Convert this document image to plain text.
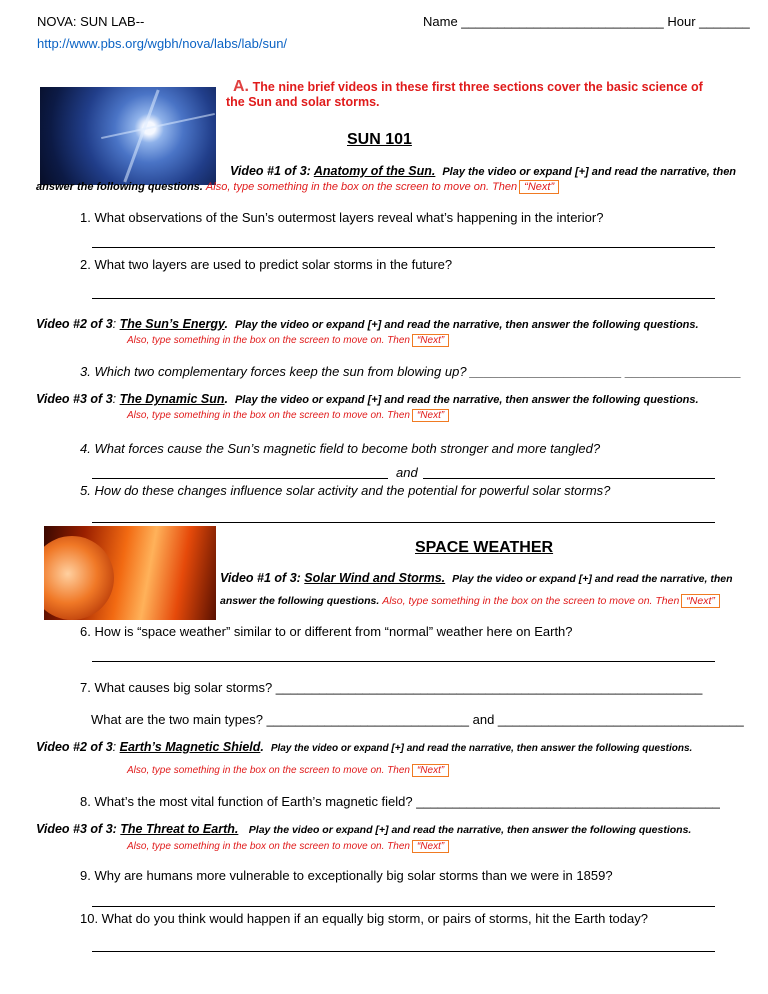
NOVA: SUN LAB--
http://www.pbs.org/wgbh/nova/labs/lab/sun/
Name ____________________________ Hour _______
A. The nine brief videos in these first three sections cover the basic science of
the Sun and solar storms.
SUN 101
Video #1 of 3: Anatomy of the Sun. Play the video or expand [+] and read the narrative, then
answer the following questions. Also, type something in the box on the screen to move on. Then “Next”
1. What observations of the Sun’s outermost layers reveal what’s happening in the interior?
2. What two layers are used to predict solar storms in the future?
Video #2 of 3: The Sun’s Energy. Play the video or expand [+] and read the narrative, then answer the following questions.
Also, type something in the box on the screen to move on. Then “Next”
3. Which two complementary forces keep the sun from blowing up? _____________________ ________________
Video #3 of 3: The Dynamic Sun. Play the video or expand [+] and read the narrative, then answer the following questions.
Also, type something in the box on the screen to move on. Then “Next”
4. What forces cause the Sun’s magnetic field to become both stronger and more tangled?
and
5. How do these changes influence solar activity and the potential for powerful solar storms?
SPACE WEATHER
Video #1 of 3: Solar Wind and Storms. Play the video or expand [+] and read the narrative, then
answer the following questions. Also, type something in the box on the screen to move on. Then “Next”
6. How is “space weather” similar to or different from “normal” weather here on Earth?
7. What causes big solar storms? ___________________________________________________________
What are the two main types? ____________________________ and __________________________________
Video #2 of 3: Earth’s Magnetic Shield. Play the video or expand [+] and read the narrative, then answer the following questions.
Also, type something in the box on the screen to move on. Then “Next”
8. What’s the most vital function of Earth’s magnetic field? __________________________________________
Video #3 of 3: The Threat to Earth. Play the video or expand [+] and read the narrative, then answer the following questions.
Also, type something in the box on the screen to move on. Then “Next”
9. Why are humans more vulnerable to exceptionally big solar storms than we were in 1859?
10. What do you think would happen if an equally big storm, or pairs of storms, hit the Earth today?
